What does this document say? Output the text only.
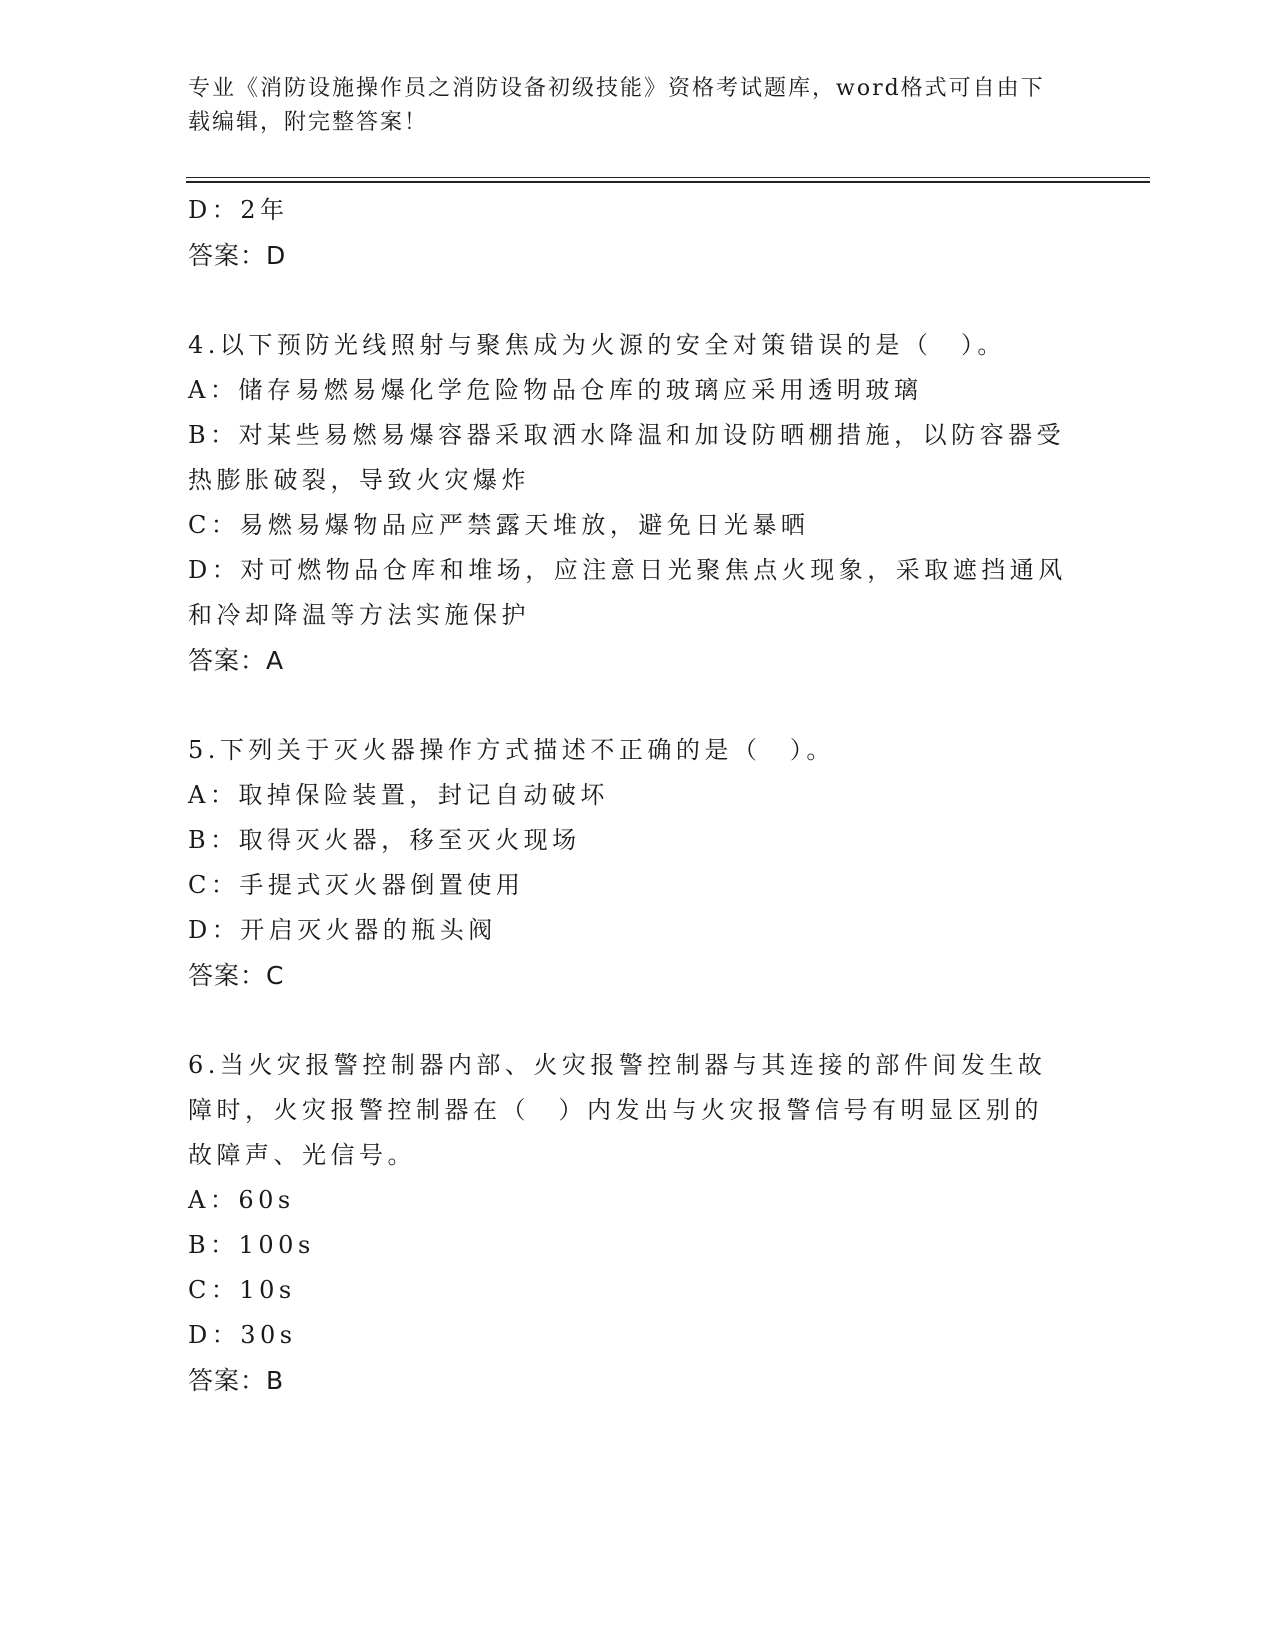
专业《消防设施操作员之消防设备初级技能》资格考试题库，word格式可自由下载编辑，附完整答案！
D：2年
答案：D
4.以下预防光线照射与聚焦成为火源的安全对策错误的是（　）。
A：储存易燃易爆化学危险物品仓库的玻璃应采用透明玻璃
B：对某些易燃易爆容器采取洒水降温和加设防晒棚措施，以防容器受热膨胀破裂，导致火灾爆炸
C：易燃易爆物品应严禁露天堆放，避免日光暴晒
D：对可燃物品仓库和堆场，应注意日光聚焦点火现象，采取遮挡通风和冷却降温等方法实施保护
答案：A
5.下列关于灭火器操作方式描述不正确的是（　）。
A：取掉保险装置，封记自动破坏
B：取得灭火器，移至灭火现场
C：手提式灭火器倒置使用
D：开启灭火器的瓶头阀
答案：C
6.当火灾报警控制器内部、火灾报警控制器与其连接的部件间发生故障时，火灾报警控制器在（　）内发出与火灾报警信号有明显区别的故障声、光信号。
A：60s
B：100s
C：10s
D：30s
答案：B
